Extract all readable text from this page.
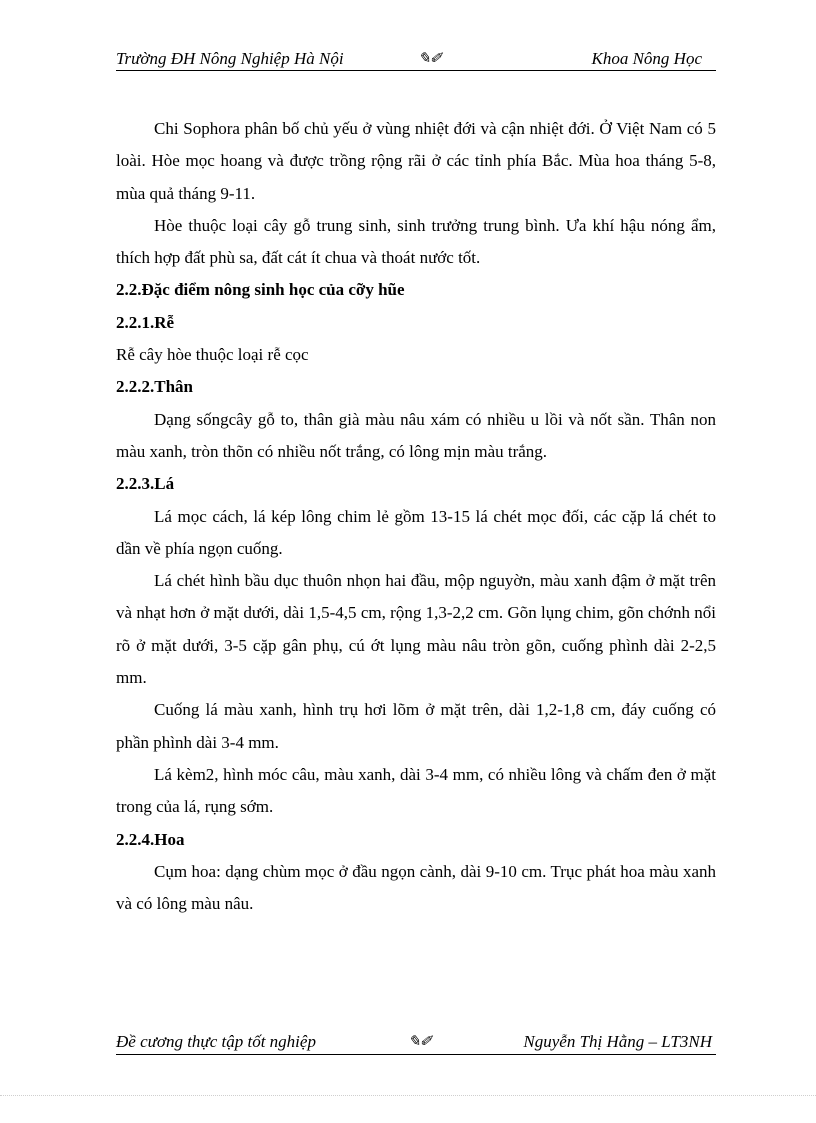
Trường ĐH Nông Nghiệp Hà Nội	✎✐	Khoa Nông Học

Chi Sophora phân bố chủ yếu ở vùng nhiệt đới và cận nhiệt đới. Ở Việt Nam có 5 loài. Hòe mọc hoang và được trồng rộng rãi ở các tỉnh phía Bắc. Mùa hoa tháng 5-8, mùa quả tháng 9-11.

Hòe thuộc loại cây gỗ trung sinh, sinh trưởng trung bình. Ưa khí hậu nóng ẩm, thích hợp đất phù sa, đất cát ít chua và thoát nước tốt.

2.2.Đặc điểm nông sinh học của cỡy hũe
2.2.1.Rễ

Rễ cây hòe thuộc loại rễ cọc

2.2.2.Thân

Dạng sốngcây gỗ to, thân già màu nâu xám có nhiều u lồi và nốt sần. Thân non màu xanh, tròn thõn có nhiều nốt trắng, có lông mịn màu trắng.

2.2.3.Lá

Lá mọc cách, lá kép lông chim lẻ gồm 13-15 lá chét mọc đối, các cặp lá chét to dần về phía ngọn cuống.

Lá chét hình bầu dục thuôn nhọn hai đầu, mộp nguyờn, màu xanh đậm ở mặt trên và nhạt hơn ở mặt dưới, dài 1,5-4,5 cm, rộng 1,3-2,2 cm. Gõn lụng chim, gõn chớnh nổi rõ ở mặt dưới, 3-5 cặp gân phụ, cú ớt lụng màu nâu tròn gõn, cuống phình dài 2-2,5 mm.

Cuống lá màu xanh, hình trụ hơi lõm ở mặt trên, dài 1,2-1,8 cm, đáy cuống có phần phình dài 3-4 mm.

Lá kèm2, hình móc câu, màu xanh, dài 3-4 mm, có nhiều lông và chấm đen ở mặt trong của lá, rụng sớm.

2.2.4.Hoa

Cụm hoa: dạng chùm mọc ở đầu ngọn cành, dài 9-10 cm. Trục phát hoa màu xanh và có lông màu nâu.

Đề cương thực tập tốt nghiệp	✎✐	Nguyễn Thị Hằng – LT3NH
